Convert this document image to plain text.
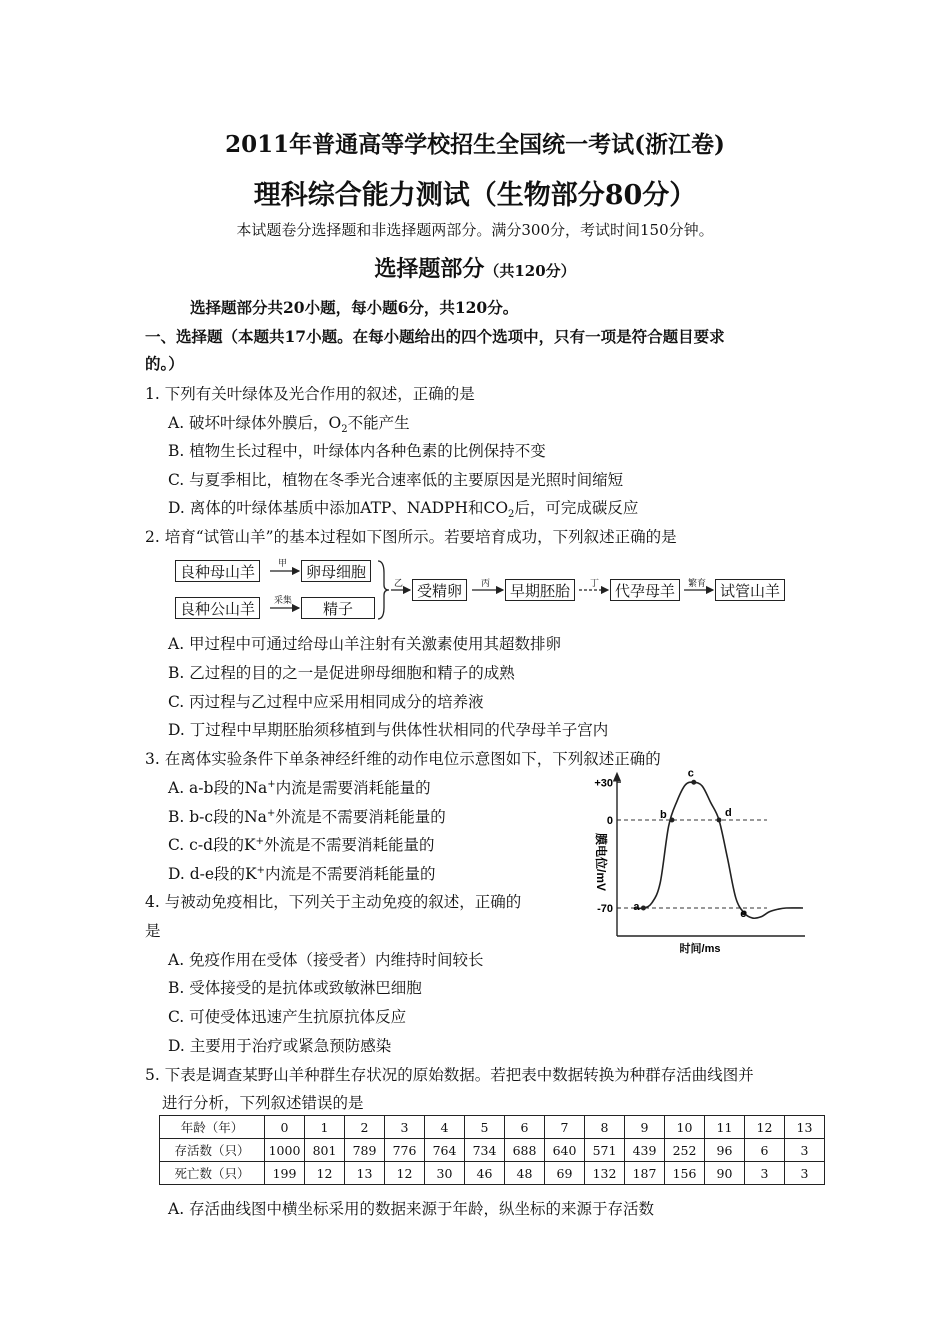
2011年普通高等学校招生全国统一考试(浙江卷)
理科综合能力测试（生物部分80分）
本试题卷分选择题和非选择题两部分。满分300分，考试时间150分钟。
选择题部分（共120分）
选择题部分共20小题，每小题6分，共120分。
一、选择题（本题共17小题。在每小题给出的四个选项中，只有一项是符合题目要求
的。）
1. 下列有关叶绿体及光合作用的叙述，正确的是
A. 破坏叶绿体外膜后，$O_2$不能产生
B. 植物生长过程中，叶绿体内各种色素的比例保持不变
C. 与夏季相比，植物在冬季光合速率低的主要原因是光照时间缩短
D. 离体的叶绿体基质中添加ATP、NADPH和$CO_2$后，可完成碳反应
2. 培育“试管山羊”的基本过程如下图所示。若要培育成功，下列叙述正确的是
良种母山羊	卵母细胞
良种公山羊	精子
受精卵	早期胚胎	代孕母羊	试管山羊
甲
采集
乙	丙	丁	繁育
A. 甲过程中可通过给母山羊注射有关激素使用其超数排卵
B. 乙过程的目的之一是促进卵母细胞和精子的成熟
C. 丙过程与乙过程中应采用相同成分的培养液
D. 丁过程中早期胚胎须移植到与供体性状相同的代孕母羊子宫内
3. 在离体实验条件下单条神经纤维的动作电位示意图如下，下列叙述正确的
A. a-b段的Na+内流是需要消耗能量的
B. b-c段的Na+外流是不需要消耗能量的
C. c-d段的K+外流是不需要消耗能量的
D. d-e段的K+内流是不需要消耗能量的
+30
0
-70 a
b
c
d
e
膜电位/mV
时间/ms
4. 与被动免疫相比，下列关于主动免疫的叙述，正确的
是
A. 免疫作用在受体（接受者）内维持时间较长
B. 受体接受的是抗体或致敏淋巴细胞
C. 可使受体迅速产生抗原抗体反应
D. 主要用于治疗或紧急预防感染
5. 下表是调查某野山羊种群生存状况的原始数据。若把表中数据转换为种群存活曲线图并
进行分析，下列叙述错误的是
年龄（年）	0	1	2	3	4	5	6	7	8	9	10	11	12	13
存活数（只）	1000	801	789	776	764	734	688	640	571	439	252	96	6	3
死亡数（只）	199	12	13	12	30	46	48	69	132	187	156	90	3	3
A. 存活曲线图中横坐标采用的数据来源于年龄，纵坐标的来源于存活数
